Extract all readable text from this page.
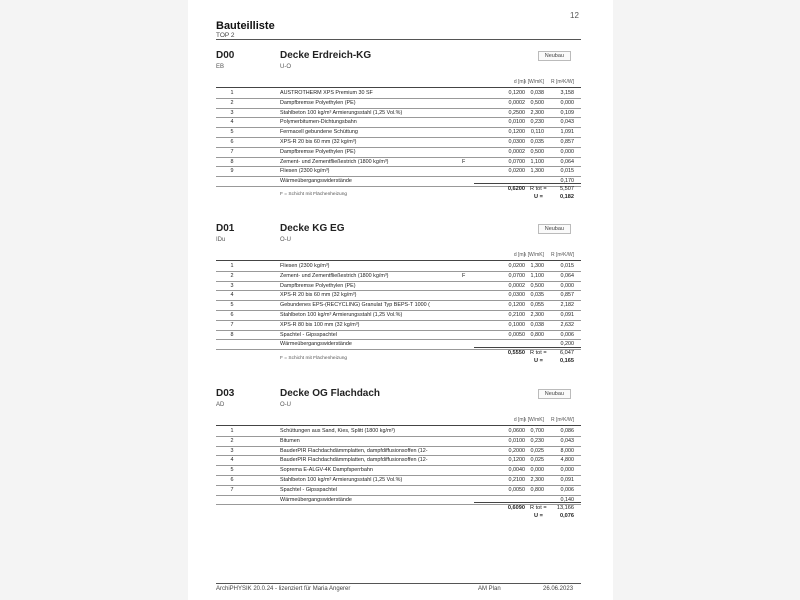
12
Bauteilliste
TOP 2
D00	Decke Erdreich-KG	Neubau
EB	U-O
d [m]
λ [W/mK]	R [m²K/W]
1	AUSTROTHERM XPS Premium 30 SF	0,1200	0,038	3,158
2	Dampfbremse Polyethylen (PE)	0,0002	0,500	0,000
3	Stahlbeton 100 kg/m³ Armierungsstahl (1,25 Vol.%)	0,2500	2,300	0,109
4	Polymerbitumen-Dichtungsbahn	0,0100	0,230	0,043
5	Fermacell gebundene Schüttung	0,1200	0,110	1,091
6	XPS-R 20 bis 60 mm (32 kg/m³)	0,0300	0,035	0,857
7	Dampfbremse Polyethylen (PE)	0,0002	0,500	0,000
8	Zement- und Zementfließestrich (1800 kg/m³)	F	0,0700	1,100	0,064
9	Fliesen (2300 kg/m³)	0,0200	1,300	0,015
Wärmeübergangswiderstände	0,170
0,6200 R tot =	5,507
U =	0,182
F = Schicht mit Flächenheizung
D01	Decke KG EG	Neubau
IDu	O-U
d [m]
λ [W/mK]	R [m²K/W]
1	Fliesen (2300 kg/m³)	0,0200	1,300	0,015
2	Zement- und Zementfließestrich (1800 kg/m³)	F	0,0700	1,100	0,064
3	Dampfbremse Polyethylen (PE)	0,0002	0,500	0,000
4	XPS-R 20 bis 60 mm (32 kg/m³)	0,0300	0,035	0,857
5	Gebundenes EPS-(RECYCLING) Granulat Typ BEPS-T 1000 (	0,1200	0,055	2,182
6	Stahlbeton 100 kg/m³ Armierungsstahl (1,25 Vol.%)	0,2100	2,300	0,091
7	XPS-R 80 bis 100 mm (32 kg/m³)	0,1000	0,038	2,632
8	Spachtel - Gipsspachtel	0,0050	0,800	0,006
Wärmeübergangswiderstände	0,200
0,5550 R tot =	6,047
U =	0,165
F = Schicht mit Flächenheizung
D03	Decke OG Flachdach	Neubau
AD	O-U
d [m]
λ [W/mK]	R [m²K/W]
1	Schüttungen aus Sand, Kies, Splitt (1800 kg/m³)	0,0600	0,700	0,086
2	Bitumen	0,0100	0,230	0,043
3	BauderPIR Flachdachdämmplatten, dampfdiffusionsoffen (12-	0,2000	0,025	8,000
4	BauderPIR Flachdachdämmplatten, dampfdiffusionsoffen (12-	0,1200	0,025	4,800
5	Soprema E-ALGV-4K Dampfsperrbahn	0,0040	0,000	0,000
6	Stahlbeton 100 kg/m³ Armierungsstahl (1,25 Vol.%)	0,2100	2,300	0,091
7	Spachtel - Gipsspachtel	0,0050	0,800	0,006
Wärmeübergangswiderstände	0,140
0,6090 R tot =	13,166
U =	0,076
ArchiPHYSIK 20.0.24 - lizenziert für Maria Angerer	AM Plan	26.06.2023
